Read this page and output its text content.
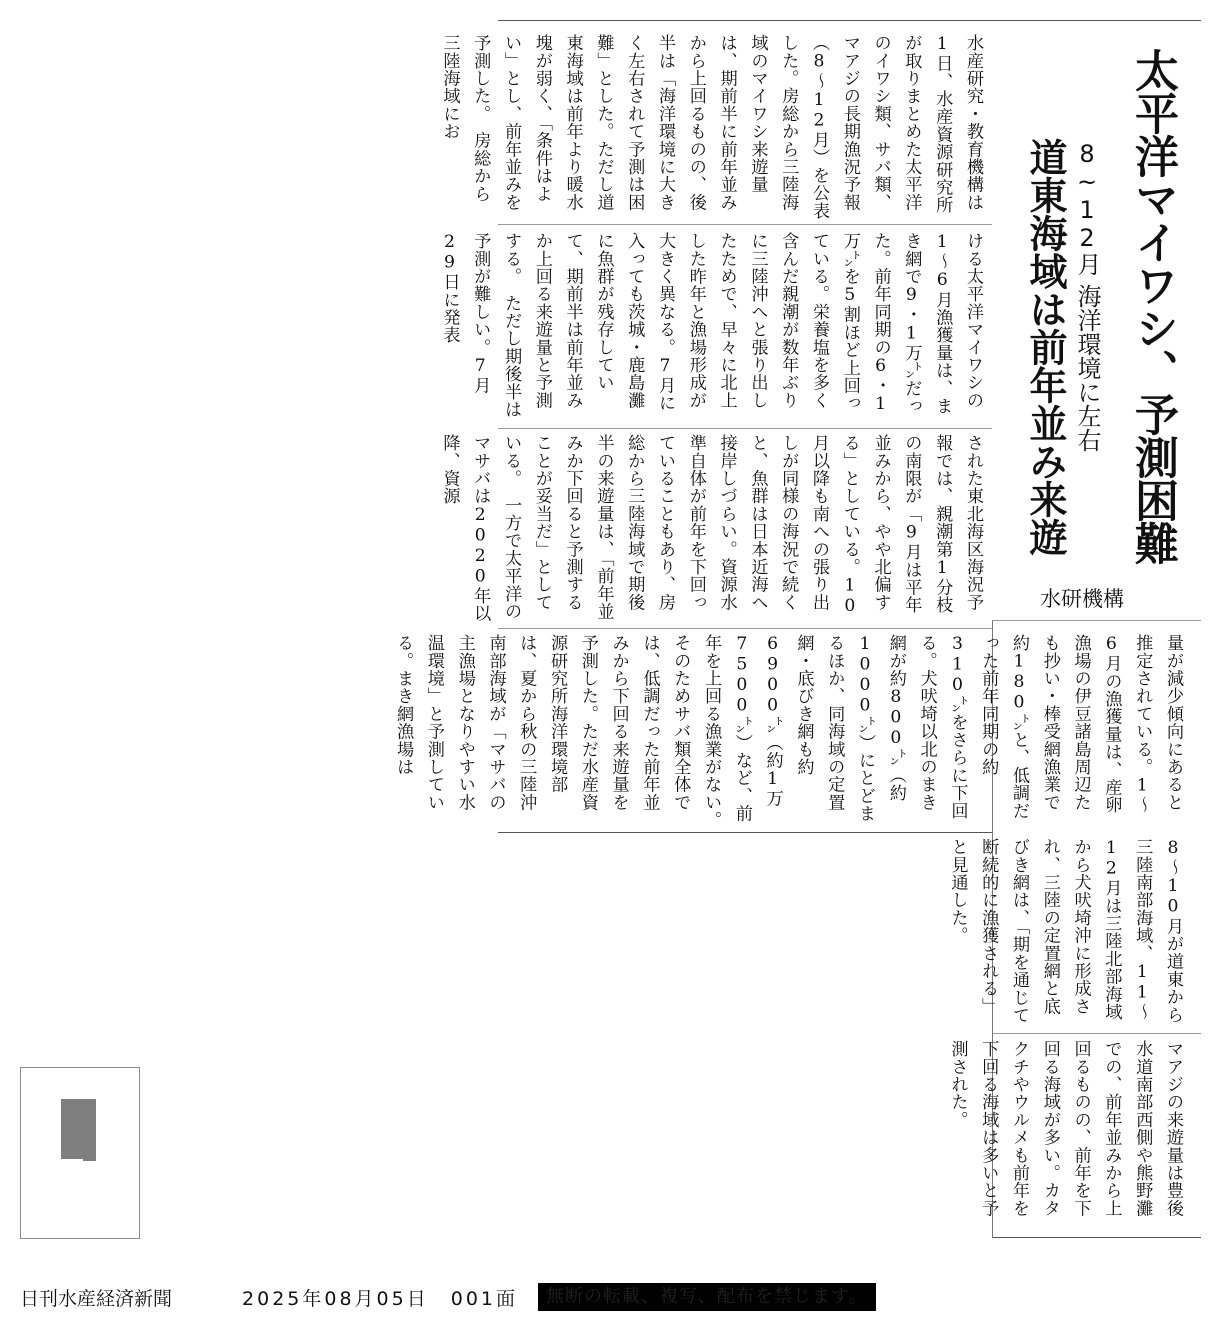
太平洋マイワシ、予測困難
8~12月海洋環境に左右
道東海域は前年並み来遊
水研機構
水産研究・教育機構は1日、水産資源研究所が取りまとめた太平洋のイワシ類、サバ類、マアジの長期漁況予報（8～12月）を公表した。房総から三陸海域のマイワシ来遊量は、期前半に前年並みから上回るものの、後半は「海洋環境に大きく左右されて予測は困難」とした。ただし道東海域は前年より暖水塊が弱く、「条件はよい」とし、前年並みを予測した。　房総から三陸海域にお
ける太平洋マイワシの1～6月漁獲量は、まき網で9・1万㌧だった。前年同期の6・1万㌧を5割ほど上回っている。栄養塩を多く含んだ親潮が数年ぶりに三陸沖へと張り出したためで、早々に北上した昨年と漁場形成が大きく異なる。7月に入っても茨城・鹿島灘に魚群が残存していて、期前半は前年並みか上回る来遊量と予測する。　ただし期後半は予測が難しい。7月29日に発表
された東北海区海況予報では、親潮第1分枝の南限が「9月は平年並みから、やや北偏する」としている。10月以降も南への張り出しが同様の海況で続くと、魚群は日本近海へ接岸しづらい。資源水準自体が前年を下回っていることもあり、房総から三陸海域で期後半の来遊量は、「前年並みか下回ると予測することが妥当だ」としている。　一方で太平洋のマサバは2020年以降、資源
量が減少傾向にあると推定されている。1～6月の漁獲量は、産卵漁場の伊豆諸島周辺たも抄い・棒受網漁業で約180㌧と、低調だった前年同期の約310㌧をさらに下回る。犬吠埼以北のまき網が約800㌧（約1000㌧）にとどまるほか、同海域の定置網・底びき網も約6900㌧（約1万7500㌧）など、前年を上回る漁業がない。　そのためサバ類全体では、低調だった前年並みから下回る来遊量を予測した。ただ水産資源研究所海洋環境部は、夏から秋の三陸沖南部海域が「マサバの主漁場となりやすい水温環境」と予測している。まき網漁場は
8～10月が道東から三陸南部海域、11～12月は三陸北部海域から犬吠埼沖に形成され、三陸の定置網と底びき網は、「期を通じて断続的に漁獲される」と見通した。
マアジの来遊量は豊後水道南部西側や熊野灘での、前年並みから上回るものの、前年を下回る海域が多い。カタクチやウルメも前年を下回る海域は多いと予測された。
日刊水産経済新聞	2025年08月05日 001面	無断の転載、複写、配布を禁じます。
